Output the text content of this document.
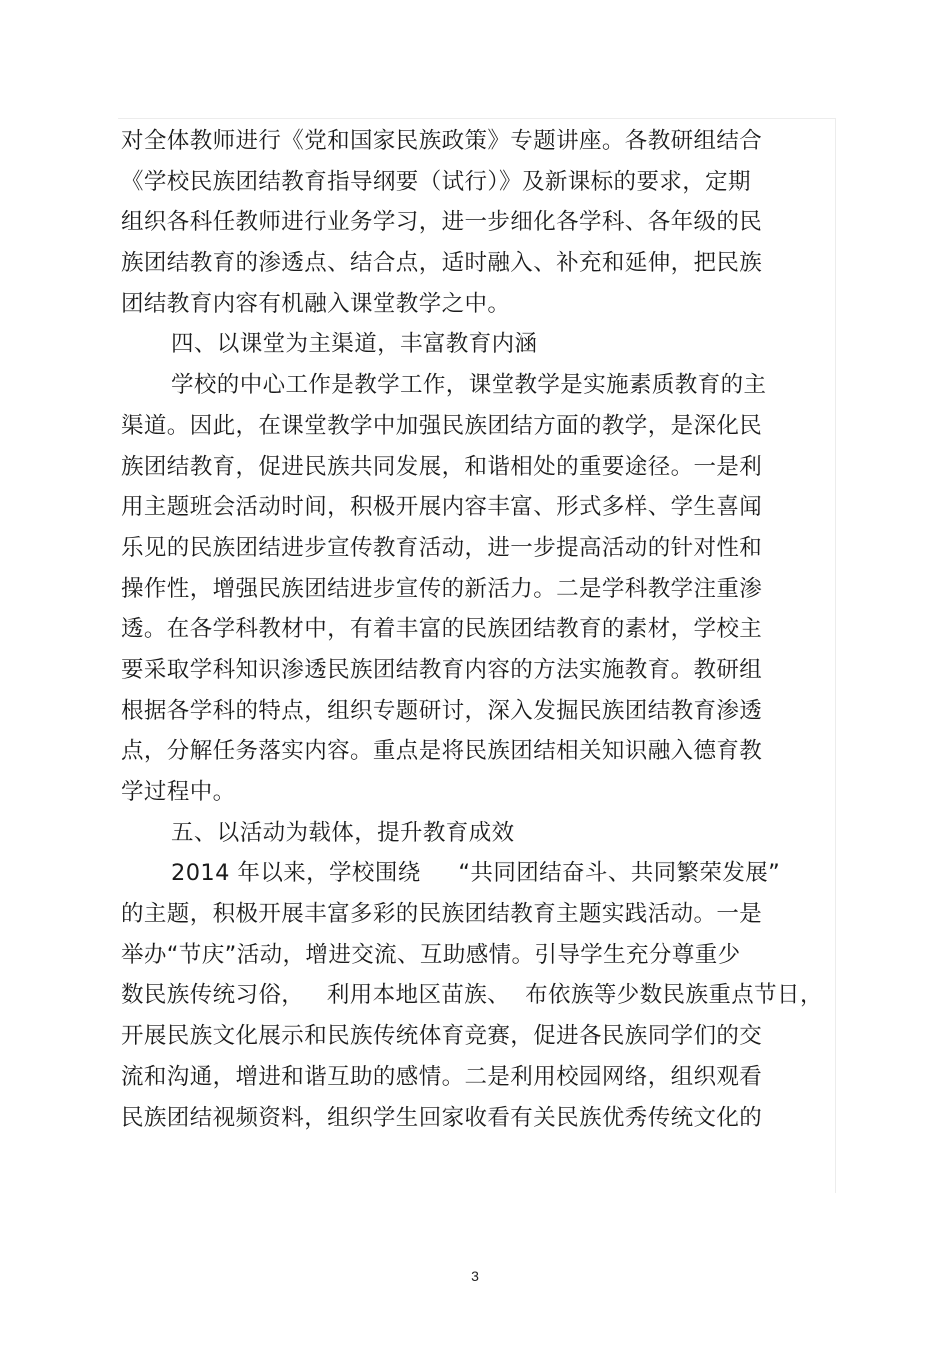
对全体教师进行《党和国家民族政策》专题讲座。各教研组结合
《学校民族团结教育指导纲要（试行）》及新课标的要求，定期
组织各科任教师进行业务学习，进一步细化各学科、各年级的民
族团结教育的渗透点、结合点，适时融入、补充和延伸，把民族
团结教育内容有机融入课堂教学之中。
四、以课堂为主渠道，丰富教育内涵
学校的中心工作是教学工作，课堂教学是实施素质教育的主
渠道。因此，在课堂教学中加强民族团结方面的教学，是深化民
族团结教育，促进民族共同发展，和谐相处的重要途径。一是利
用主题班会活动时间，积极开展内容丰富、形式多样、学生喜闻
乐见的民族团结进步宣传教育活动，进一步提高活动的针对性和
操作性，增强民族团结进步宣传的新活力。二是学科教学注重渗
透。在各学科教材中，有着丰富的民族团结教育的素材，学校主
要采取学科知识渗透民族团结教育内容的方法实施教育。教研组
根据各学科的特点，组织专题研讨，深入发掘民族团结教育渗透
点，分解任务落实内容。重点是将民族团结相关知识融入德育教
学过程中。
五、以活动为载体，提升教育成效
2014 年以来，学校围绕     “共同团结奋斗、共同繁荣发展”
的主题，积极开展丰富多彩的民族团结教育主题实践活动。一是
举办“节庆”活动，增进交流、互助感情。引导学生充分尊重少
数民族传统习俗，   利用本地区苗族、  布依族等少数民族重点节日，
开展民族文化展示和民族传统体育竞赛，促进各民族同学们的交
流和沟通，增进和谐互助的感情。二是利用校园网络，组织观看
民族团结视频资料，组织学生回家收看有关民族优秀传统文化的
3
